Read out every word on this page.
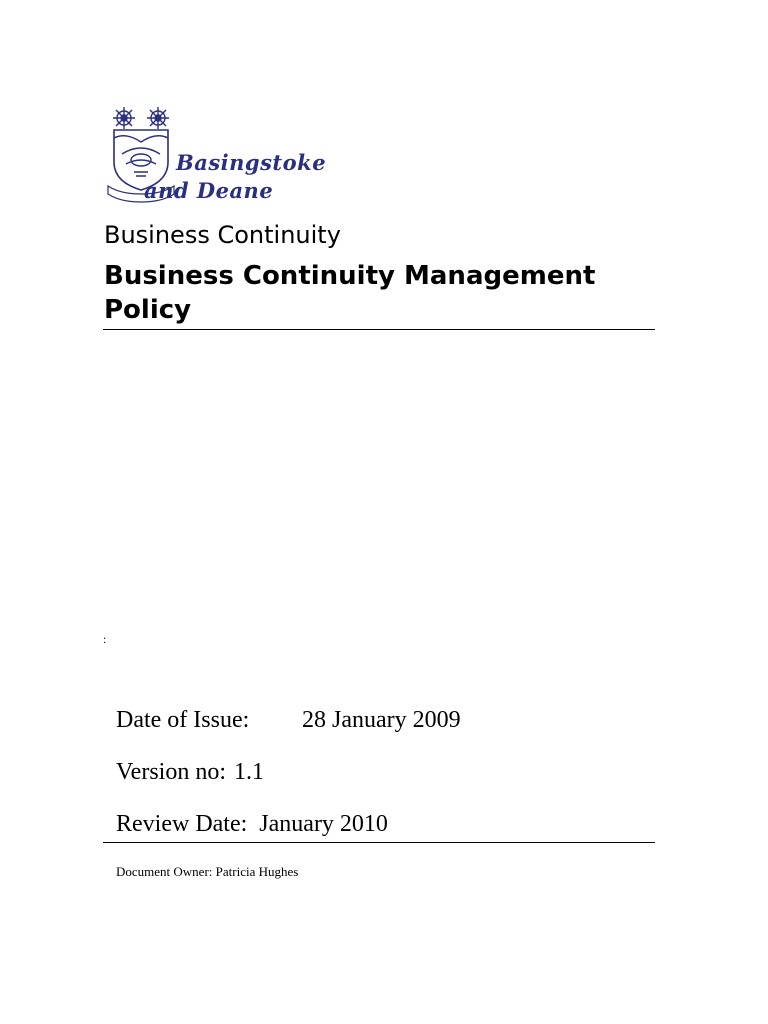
Basingstoke
and Deane
Business Continuity
Business Continuity Management Policy
:
Date of Issue: 28 January 2009
Version no: 1.1
Review Date: January 2010
Document Owner: Patricia Hughes
